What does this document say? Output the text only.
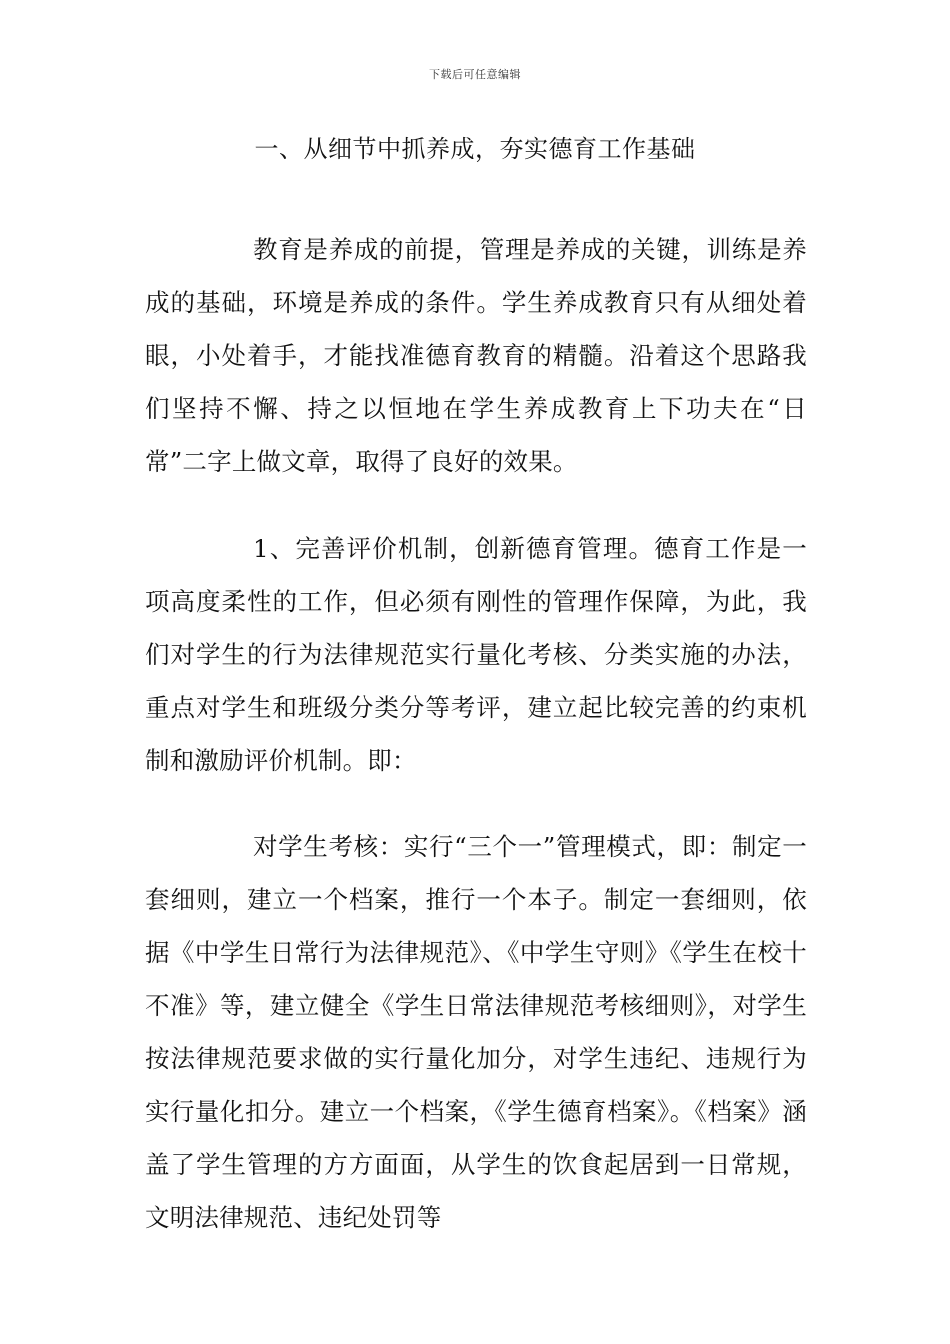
下载后可任意编辑
一、从细节中抓养成，夯实德育工作基础

教育是养成的前提，管理是养成的关键，训练是养成的基础，环境是养成的条件。学生养成教育只有从细处着眼，小处着手，才能找准德育教育的精髓。沿着这个思路我们坚持不懈、持之以恒地在学生养成教育上下功夫在“日常”二字上做文章，取得了良好的效果。

1、完善评价机制，创新德育管理。德育工作是一项高度柔性的工作，但必须有刚性的管理作保障，为此，我们对学生的行为法律规范实行量化考核、分类实施的办法，重点对学生和班级分类分等考评，建立起比较完善的约束机制和激励评价机制。即：

对学生考核：实行“三个一”管理模式，即：制定一套细则，建立一个档案，推行一个本子。制定一套细则，依据《中学生日常行为法律规范》、《中学生守则》《学生在校十不准》等，建立健全《学生日常法律规范考核细则》，对学生按法律规范要求做的实行量化加分，对学生违纪、违规行为实行量化扣分。建立一个档案，《学生德育档案》。《档案》涵盖了学生管理的方方面面，从学生的饮食起居到一日常规，文明法律规范、违纪处罚等
